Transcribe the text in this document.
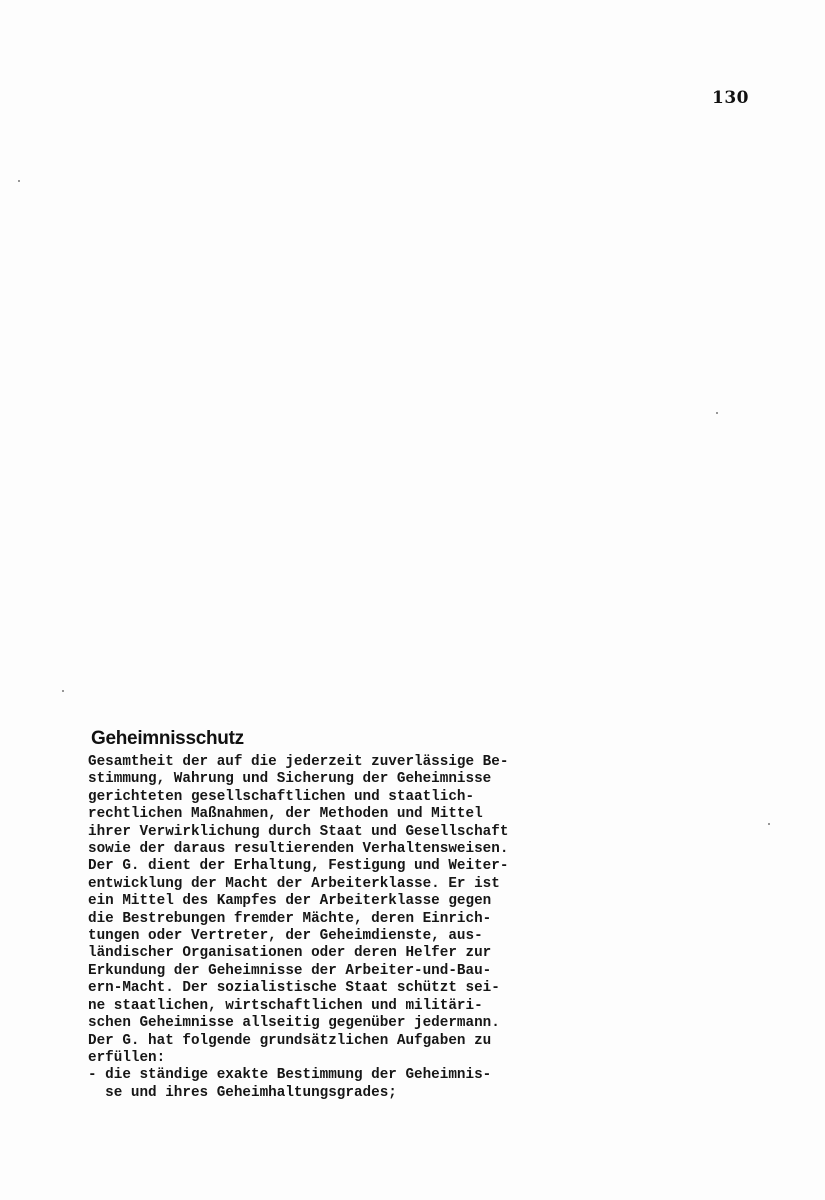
130
Geheimnisschutz
Gesamtheit der auf die jederzeit zuverlässige Be-
stimmung, Wahrung und Sicherung der Geheimnisse
gerichteten gesellschaftlichen und staatlich-
rechtlichen Maßnahmen, der Methoden und Mittel
ihrer Verwirklichung durch Staat und Gesellschaft
sowie der daraus resultierenden Verhaltensweisen.
Der G. dient der Erhaltung, Festigung und Weiter-
entwicklung der Macht der Arbeiterklasse. Er ist
ein Mittel des Kampfes der Arbeiterklasse gegen
die Bestrebungen fremder Mächte, deren Einrich-
tungen oder Vertreter, der Geheimdienste, aus-
ländischer Organisationen oder deren Helfer zur
Erkundung der Geheimnisse der Arbeiter-und-Bau-
ern-Macht. Der sozialistische Staat schützt sei-
ne staatlichen, wirtschaftlichen und militäri-
schen Geheimnisse allseitig gegenüber jedermann.
Der G. hat folgende grundsätzlichen Aufgaben zu
erfüllen:
- die ständige exakte Bestimmung der Geheimnis-
se und ihres Geheimhaltungsgrades;
